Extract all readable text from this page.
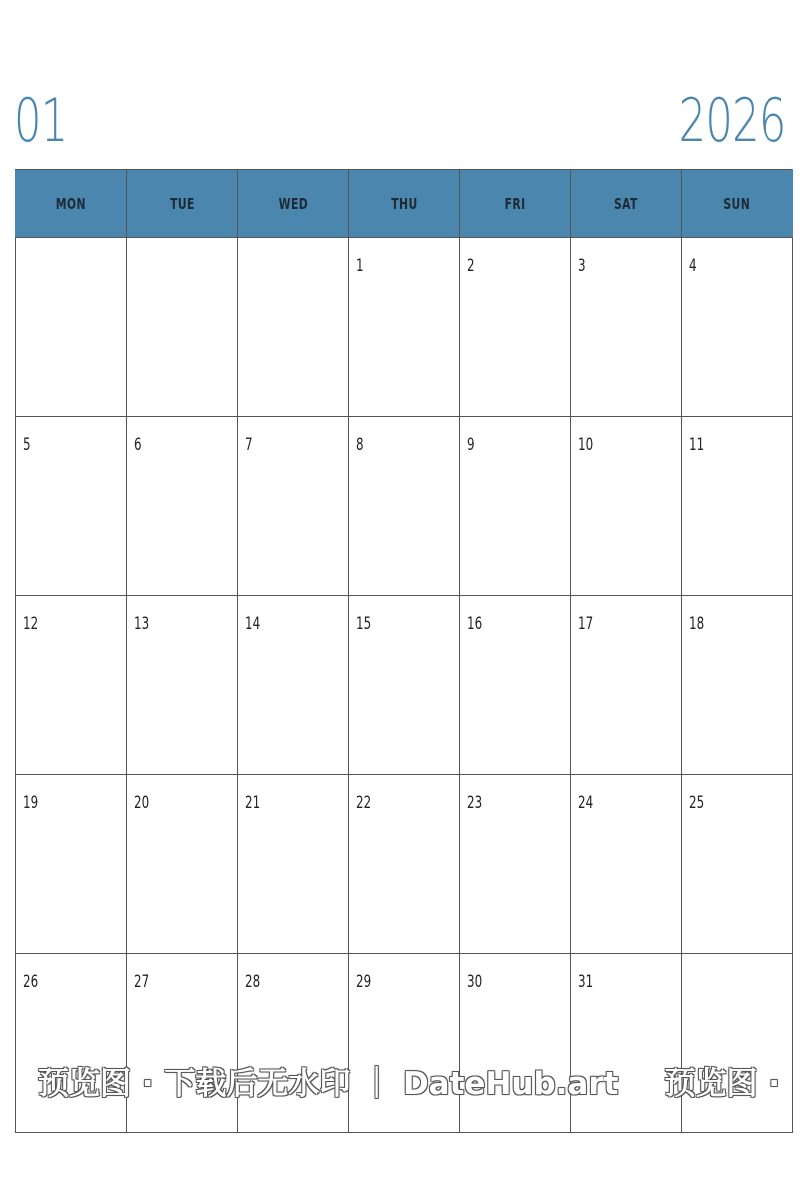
01	2026
MON	TUE	WED	THU	FRI	SAT	SUN
			1	2	3	4
5	6	7	8	9	10	11
12	13	14	15	16	17	18
19	20	21	22	23	24	25
26	27	28	29	30	31	
预览图 · 下载后无水印 ｜ DateHub.art 预览图 ·
